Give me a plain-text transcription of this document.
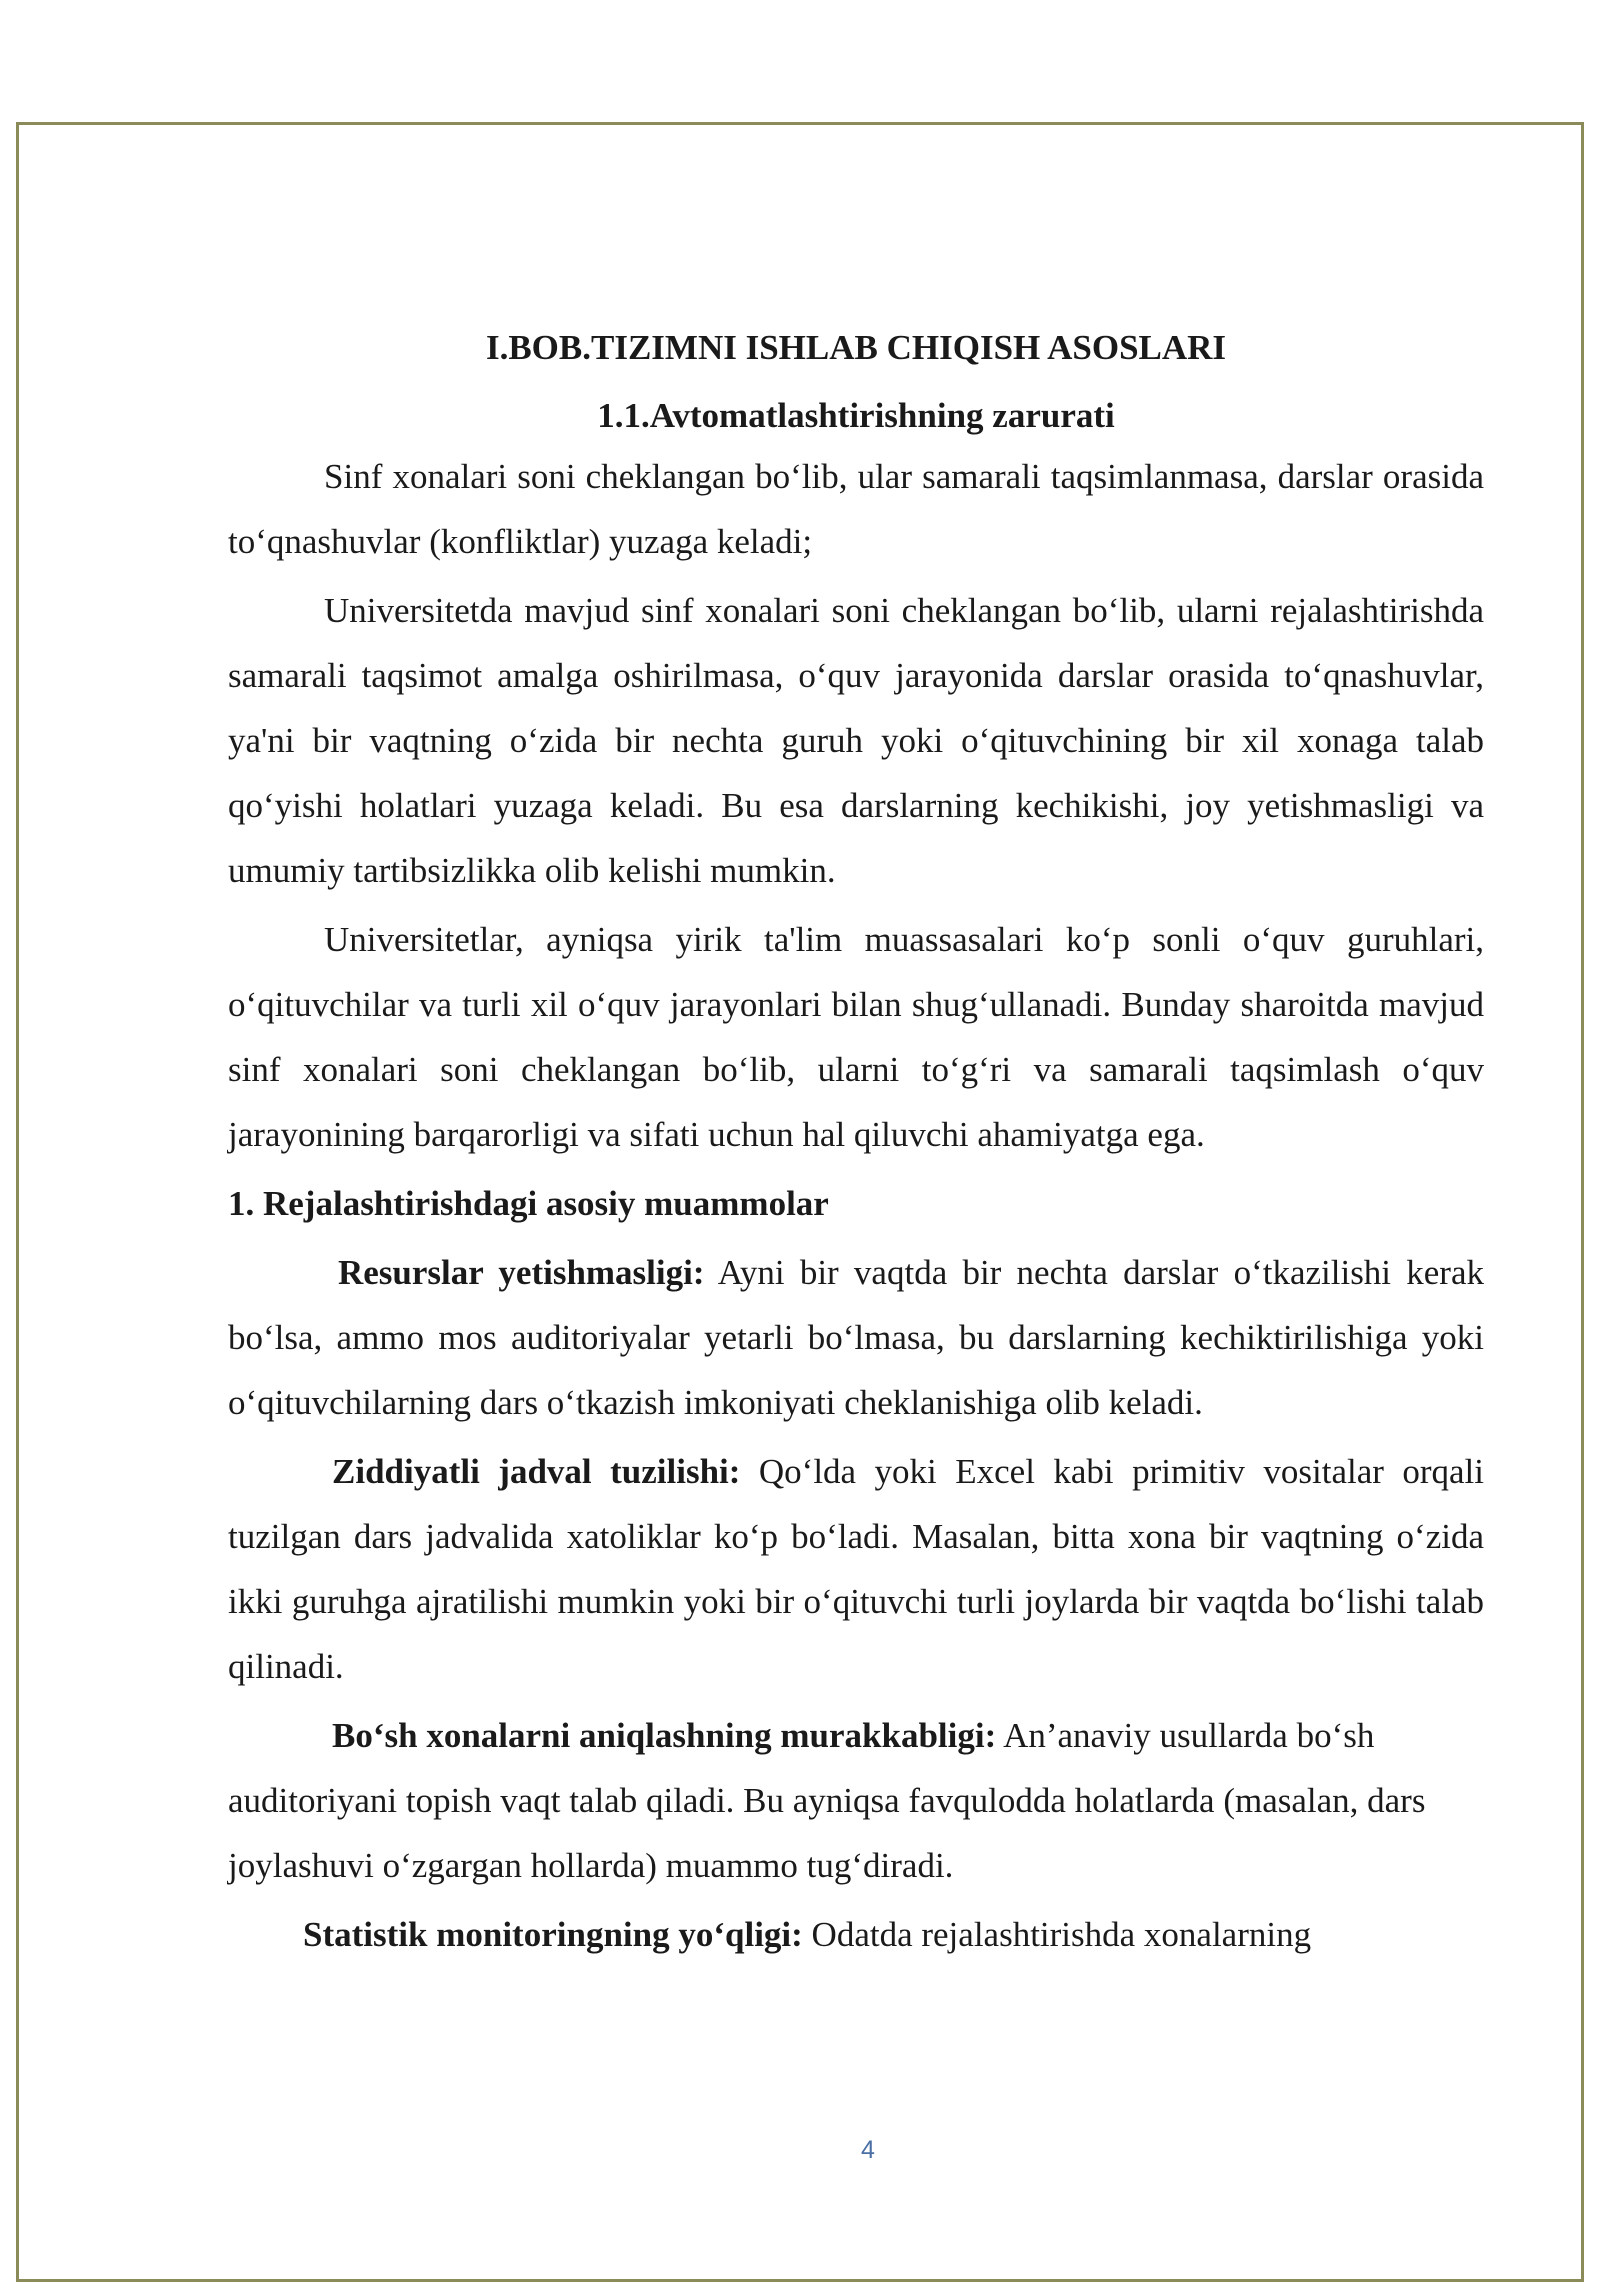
I.BOB.TIZIMNI ISHLAB CHIQISH ASOSLARI
1.1.Avtomatlashtirishning zarurati

Sinf xonalari soni cheklangan bo‘lib, ular samarali taqsimlanmasa, darslar orasida to‘qnashuvlar (konfliktlar) yuzaga keladi;

Universitetda mavjud sinf xonalari soni cheklangan bo‘lib, ularni rejalashtirishda samarali taqsimot amalga oshirilmasa, o‘quv jarayonida darslar orasida to‘qnashuvlar, ya'ni bir vaqtning o‘zida bir nechta guruh yoki o‘qituvchining bir xil xonaga talab qo‘yishi holatlari yuzaga keladi. Bu esa darslarning kechikishi, joy yetishmasligi va umumiy tartibsizlikka olib kelishi mumkin.

Universitetlar, ayniqsa yirik ta'lim muassasalari ko‘p sonli o‘quv guruhlari, o‘qituvchilar va turli xil o‘quv jarayonlari bilan shug‘ullanadi. Bunday sharoitda mavjud sinf xonalari soni cheklangan bo‘lib, ularni to‘g‘ri va samarali taqsimlash o‘quv jarayonining barqarorligi va sifati uchun hal qiluvchi ahamiyatga ega.

1. Rejalashtirishdagi asosiy muammolar

Resurslar yetishmasligi: Ayni bir vaqtda bir nechta darslar o‘tkazilishi kerak bo‘lsa, ammo mos auditoriyalar yetarli bo‘lmasa, bu darslarning kechiktirilishiga yoki o‘qituvchilarning dars o‘tkazish imkoniyati cheklanishiga olib keladi.

Ziddiyatli jadval tuzilishi: Qo‘lda yoki Excel kabi primitiv vositalar orqali tuzilgan dars jadvalida xatoliklar ko‘p bo‘ladi. Masalan, bitta xona bir vaqtning o‘zida ikki guruhga ajratilishi mumkin yoki bir o‘qituvchi turli joylarda bir vaqtda bo‘lishi talab qilinadi.

Bo‘sh xonalarni aniqlashning murakkabligi: An’anaviy usullarda bo‘sh auditoriyani topish vaqt talab qiladi. Bu ayniqsa favqulodda holatlarda (masalan, dars joylashuvi o‘zgargan hollarda) muammo tug‘diradi.

Statistik monitoringning yo‘qligi: Odatda rejalashtirishda xonalarning

4
